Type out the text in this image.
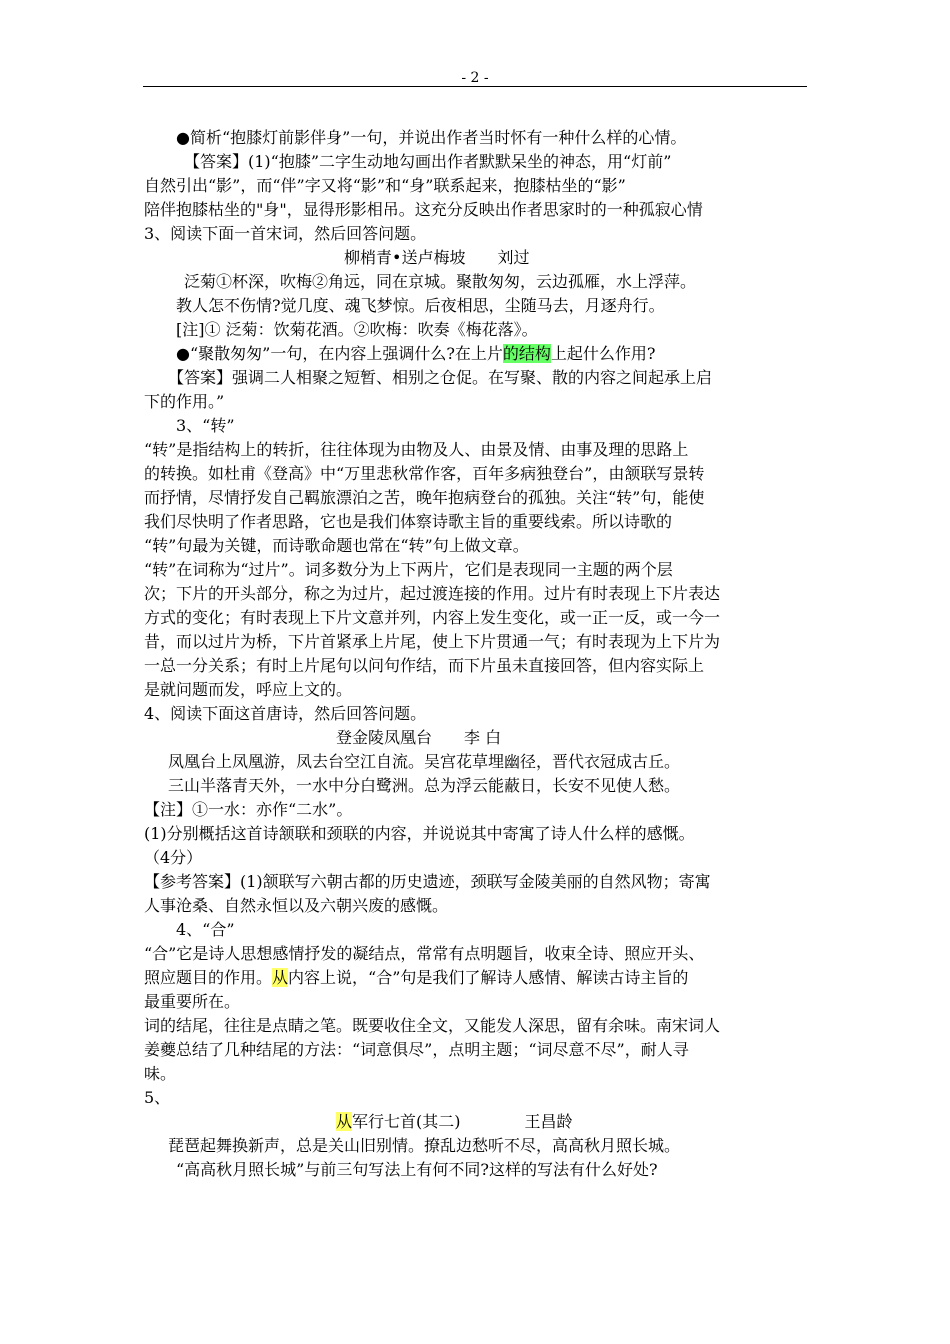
- 2 -

●简析“抱膝灯前影伴身”一句，并说出作者当时怀有一种什么样的心情。

【答案】(1)“抱膝”二字生动地勾画出作者默默呆坐的神态，用“灯前”

自然引出“影”，而“伴”字又将“影”和“身”联系起来，抱膝枯坐的“影”

陪伴抱膝枯坐的"身"，显得形影相吊。这充分反映出作者思家时的一种孤寂心情

3、阅读下面一首宋词，然后回答问题。

柳梢青•送卢梅坡　　刘过

泛菊①杯深，吹梅②角远，同在京城。聚散匆匆，云边孤雁，水上浮萍。

教人怎不伤情?觉几度、魂飞梦惊。后夜相思，尘随马去，月逐舟行。

[注]① 泛菊：饮菊花酒。②吹梅：吹奏《梅花落》。

●“聚散匆匆”一句，在内容上强调什么?在上片的结构上起什么作用?

【答案】强调二人相聚之短暂、相别之仓促。在写聚、散的内容之间起承上启

下的作用。”

3、“转”

“转”是指结构上的转折，往往体现为由物及人、由景及情、由事及理的思路上

的转换。如杜甫《登高》中“万里悲秋常作客，百年多病独登台”，由颔联写景转

而抒情，尽情抒发自己羁旅漂泊之苦，晚年抱病登台的孤独。关注“转”句，能使

我们尽快明了作者思路，它也是我们体察诗歌主旨的重要线索。所以诗歌的

“转”句最为关键，而诗歌命题也常在“转”句上做文章。

“转”在词称为“过片”。词多数分为上下两片，它们是表现同一主题的两个层

次；下片的开头部分，称之为过片，起过渡连接的作用。过片有时表现上下片表达

方式的变化；有时表现上下片文意并列，内容上发生变化，或一正一反，或一今一

昔，而以过片为桥，下片首紧承上片尾，使上下片贯通一气；有时表现为上下片为

一总一分关系；有时上片尾句以问句作结，而下片虽未直接回答，但内容实际上

是就问题而发，呼应上文的。

4、阅读下面这首唐诗，然后回答问题。

登金陵凤凰台　　李 白

凤凰台上凤凰游，凤去台空江自流。吴宫花草埋幽径，晋代衣冠成古丘。

三山半落青天外，一水中分白鹭洲。总为浮云能蔽日，长安不见使人愁。

【注】①一水：亦作“二水”。

(1)分别概括这首诗颔联和颈联的内容，并说说其中寄寓了诗人什么样的感慨。

（4分）

【参考答案】(1)颔联写六朝古都的历史遗迹，颈联写金陵美丽的自然风物；寄寓

人事沧桑、自然永恒以及六朝兴废的感慨。

4、“合”

“合”它是诗人思想感情抒发的凝结点，常常有点明题旨，收束全诗、照应开头、

照应题目的作用。从内容上说，“合”句是我们了解诗人感情、解读古诗主旨的

最重要所在。

词的结尾，往往是点睛之笔。既要收住全文，又能发人深思，留有余味。南宋词人

姜夔总结了几种结尾的方法：“词意俱尽”，点明主题；“词尽意不尽”，耐人寻

味。

5、

从军行七首(其二)　　　　王昌龄

琵琶起舞换新声，总是关山旧别情。撩乱边愁听不尽，高高秋月照长城。

“高高秋月照长城”与前三句写法上有何不同?这样的写法有什么好处?
